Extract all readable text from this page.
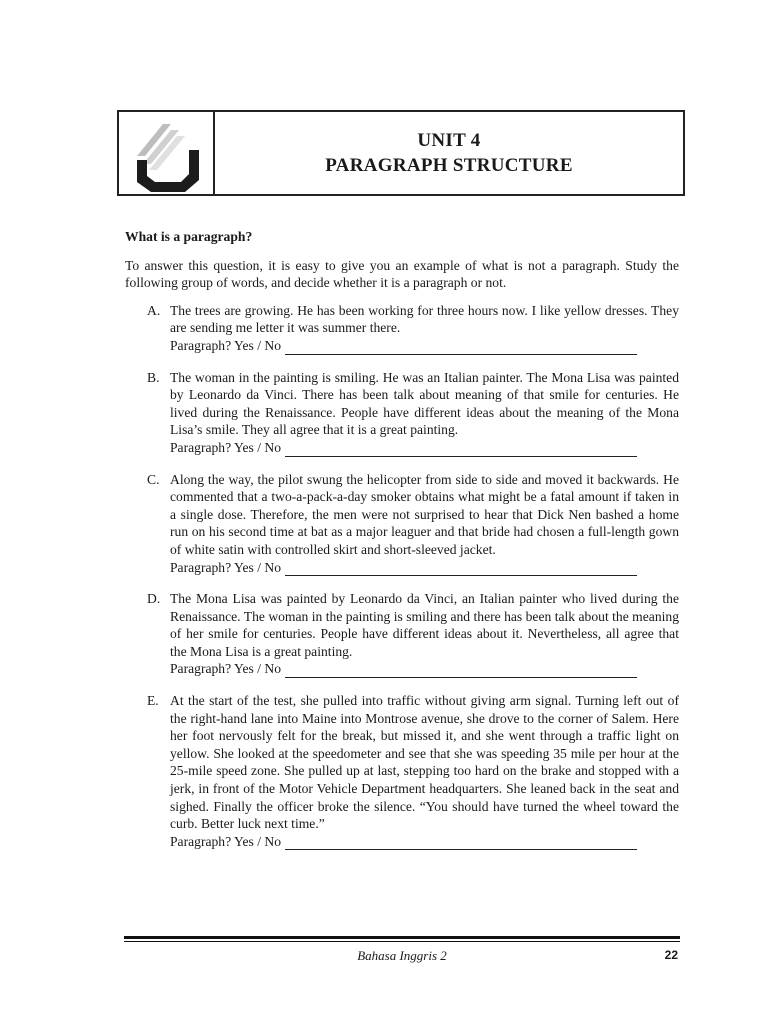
UNIT 4
PARAGRAPH STRUCTURE
What is a paragraph?
To answer this question, it is easy to give you an example of what is not a paragraph. Study the following group of words, and decide whether it is a paragraph or not.
A. The trees are growing. He has been working for three hours now. I like yellow dresses. They are sending me letter it was summer there.
Paragraph? Yes / No
B. The woman in the painting is smiling. He was an Italian painter. The Mona Lisa was painted by Leonardo da Vinci. There has been talk about meaning of that smile for centuries. He lived during the Renaissance. People have different ideas about the meaning of the Mona Lisa’s smile. They all agree that it is a great painting.
Paragraph? Yes / No
C. Along the way, the pilot swung the helicopter from side to side and moved it backwards. He commented that a two-a-pack-a-day smoker obtains what might be a fatal amount if taken in a single dose. Therefore, the men were not surprised to hear that Dick Nen bashed a home run on his second time at bat as a major leaguer and that bride had chosen a full-length gown of white satin with controlled skirt and short-sleeved jacket.
Paragraph? Yes / No
D. The Mona Lisa was painted by Leonardo da Vinci, an Italian painter who lived during the Renaissance. The woman in the painting is smiling and there has been talk about the meaning of her smile for centuries. People have different ideas about it. Nevertheless, all agree that the Mona Lisa is a great painting.
Paragraph? Yes / No
E. At the start of the test, she pulled into traffic without giving arm signal. Turning left out of the right-hand lane into Maine into Montrose avenue, she drove to the corner of Salem. Here her foot nervously felt for the break, but missed it, and she went through a traffic light on yellow. She looked at the speedometer and see that she was speeding 35 mile per hour at the 25-mile speed zone. She pulled up at last, stepping too hard on the brake and stopped with a jerk, in front of the Motor Vehicle Department headquarters. She leaned back in the seat and sighed. Finally the officer broke the silence. “You should have turned the wheel toward the curb. Better luck next time.”
Paragraph? Yes / No
Bahasa Inggris 2	22
